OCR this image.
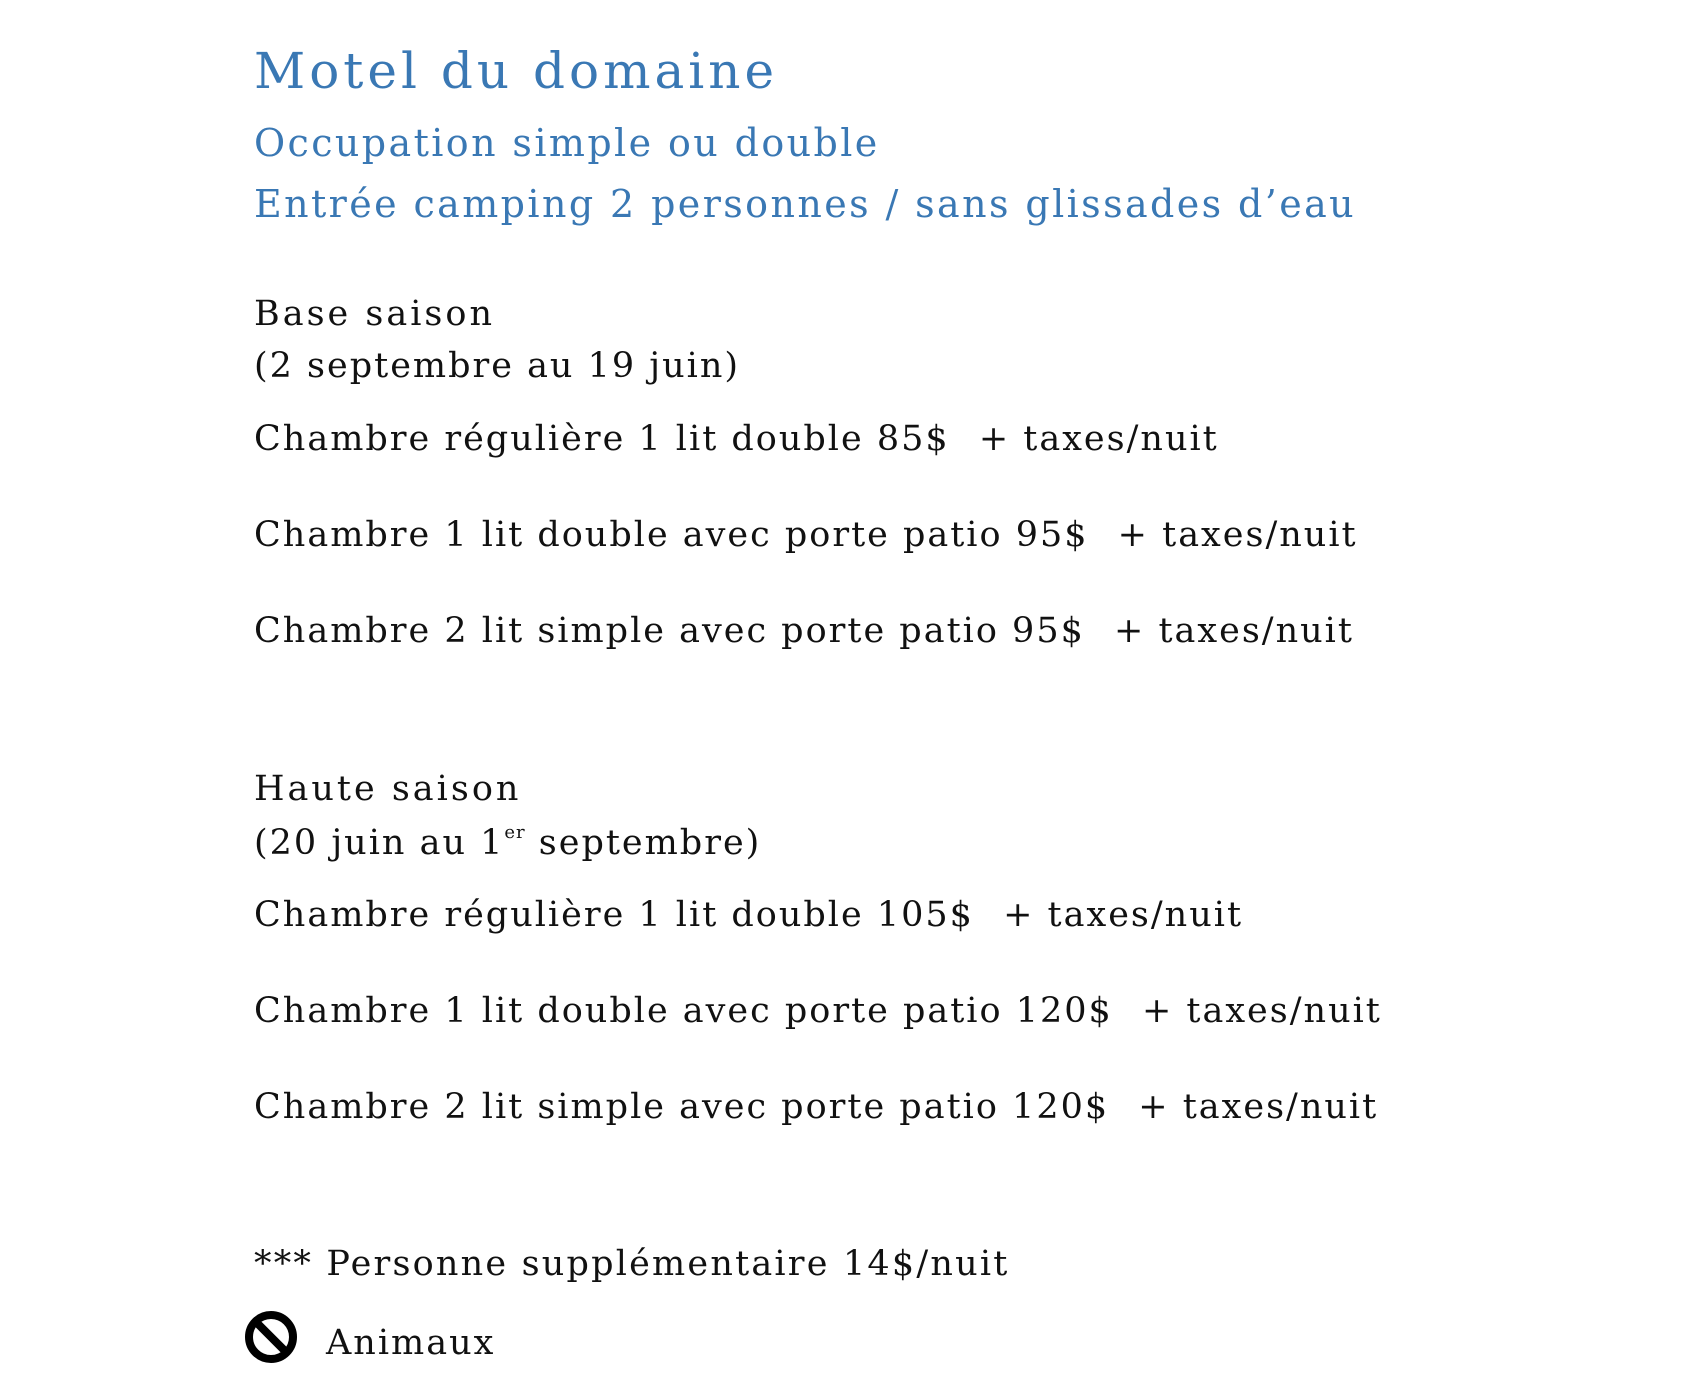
Motel du domaine
Occupation simple ou double
Entrée camping 2 personnes / sans glissades d’eau
Base saison
(2 septembre au 19 juin)
Chambre régulière 1 lit double 85$ + taxes/nuit
Chambre 1 lit double avec porte patio 95$ + taxes/nuit
Chambre 2 lit simple avec porte patio 95$ + taxes/nuit
Haute saison
(20 juin au 1er septembre)
Chambre régulière 1 lit double 105$ + taxes/nuit
Chambre 1 lit double avec porte patio 120$ + taxes/nuit
Chambre 2 lit simple avec porte patio 120$ + taxes/nuit
*** Personne supplémentaire 14$/nuit
Animaux
